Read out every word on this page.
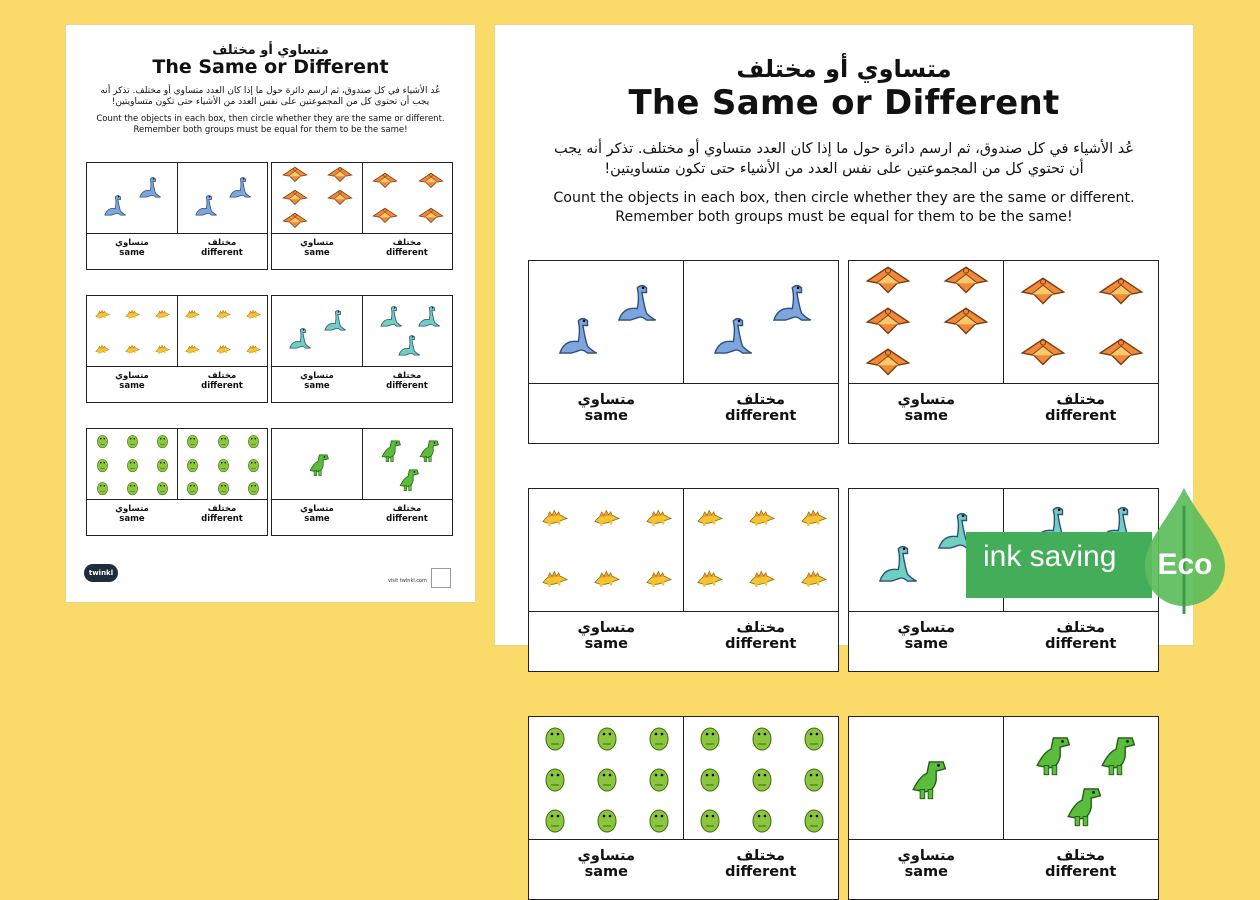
متساوي أو مختلف

The Same or Different

عُد الأشياء في كل صندوق، ثم ارسم دائرة حول ما إذا كان العدد متساوي أو مختلف. تذكر أنه يجب أن تحتوي كل من المجموعتين على نفس العدد من الأشياء حتى تكون متساويتين!

Count the objects in each box, then circle whether they are the same or different.
Remember both groups must be equal for them to be the same!

متساوي
same
مختلف
different
متساوي
same
مختلف
different
متساوي
same
مختلف
different
متساوي
same
مختلف
different
متساوي
same
مختلف
different
متساوي
same
مختلف
different
twinkl
visit twinkl.com

متساوي أو مختلف

The Same or Different

عُد الأشياء في كل صندوق، ثم ارسم دائرة حول ما إذا كان العدد متساوي أو مختلف. تذكر أنه يجب أن تحتوي كل من المجموعتين على نفس العدد من الأشياء حتى تكون متساويتين!

Count the objects in each box, then circle whether they are the same or different.
Remember both groups must be equal for them to be the same!

متساوي
same
مختلف
different
متساوي
same
مختلف
different
متساوي
same
مختلف
different
متساوي
same
مختلف
different
متساوي
same
مختلف
different
متساوي
same
مختلف
different
ink saving Eco
